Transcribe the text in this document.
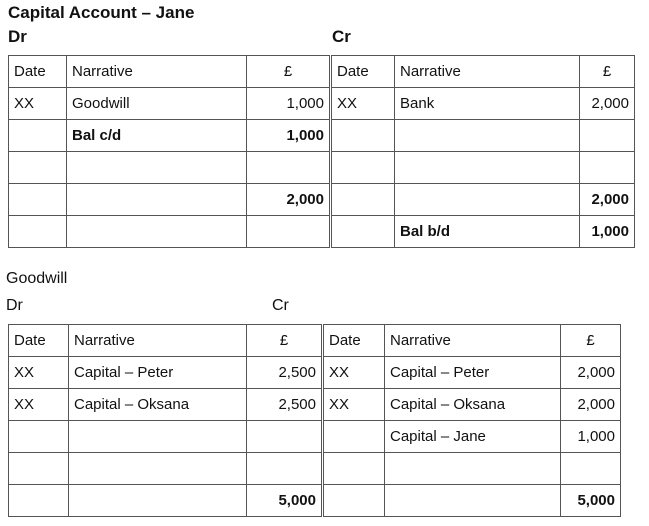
Capital Account – Jane
Dr	Cr
Date	Narrative	£	Date	Narrative	£
XX	Goodwill	1,000	XX	Bank	2,000
	Bal c/d	1,000			

		2,000			2,000
				Bal b/d	1,000
Goodwill
Dr	Cr
Date	Narrative	£	Date	Narrative	£
XX	Capital – Peter	2,500	XX	Capital – Peter	2,000
XX	Capital – Oksana	2,500	XX	Capital – Oksana	2,000
				Capital – Jane	1,000

		5,000			5,000
